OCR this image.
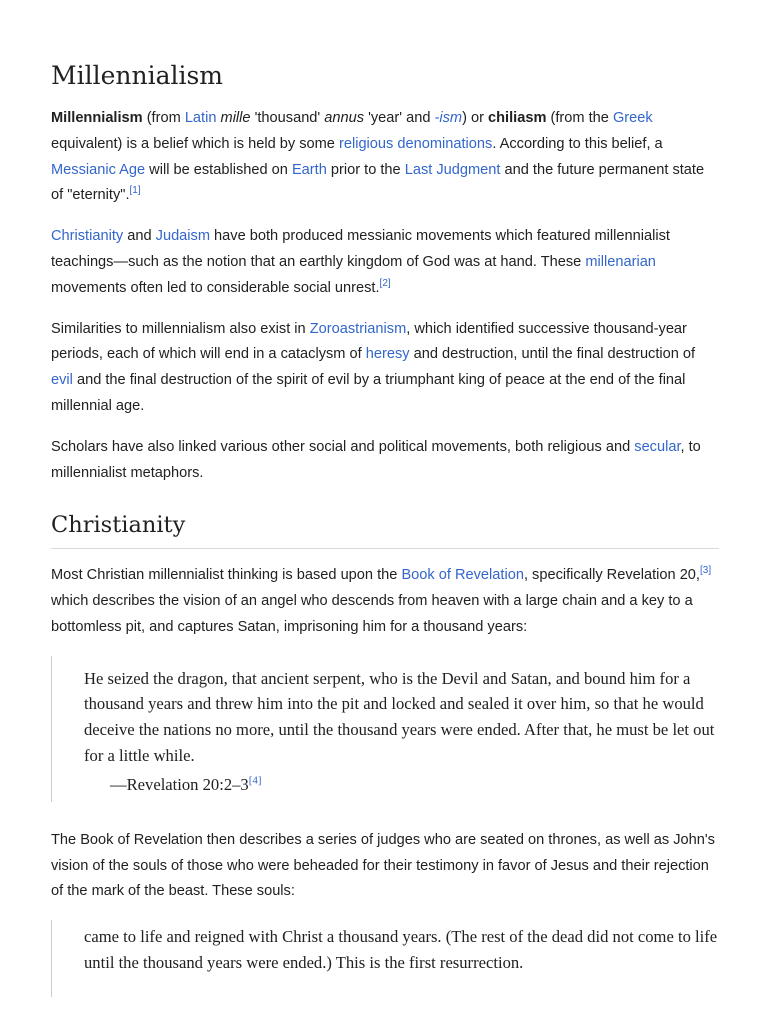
Millennialism

Millennialism (from Latin mille 'thousand' annus 'year' and -ism) or chiliasm (from the Greek equivalent) is a belief which is held by some religious denominations. According to this belief, a Messianic Age will be established on Earth prior to the Last Judgment and the future permanent state of "eternity".[1]

Christianity and Judaism have both produced messianic movements which featured millennialist teachings—such as the notion that an earthly kingdom of God was at hand. These millenarian movements often led to considerable social unrest.[2]

Similarities to millennialism also exist in Zoroastrianism, which identified successive thousand-year periods, each of which will end in a cataclysm of heresy and destruction, until the final destruction of evil and the final destruction of the spirit of evil by a triumphant king of peace at the end of the final millennial age.

Scholars have also linked various other social and political movements, both religious and secular, to millennialist metaphors.

Christianity

Most Christian millennialist thinking is based upon the Book of Revelation, specifically Revelation 20,[3] which describes the vision of an angel who descends from heaven with a large chain and a key to a bottomless pit, and captures Satan, imprisoning him for a thousand years:

He seized the dragon, that ancient serpent, who is the Devil and Satan, and bound him for a thousand years and threw him into the pit and locked and sealed it over him, so that he would deceive the nations no more, until the thousand years were ended. After that, he must be let out for a little while.
—Revelation 20:2–3[4]

The Book of Revelation then describes a series of judges who are seated on thrones, as well as John's vision of the souls of those who were beheaded for their testimony in favor of Jesus and their rejection of the mark of the beast. These souls:

came to life and reigned with Christ a thousand years. (The rest of the dead did not come to life until the thousand years were ended.) This is the first resurrection.
